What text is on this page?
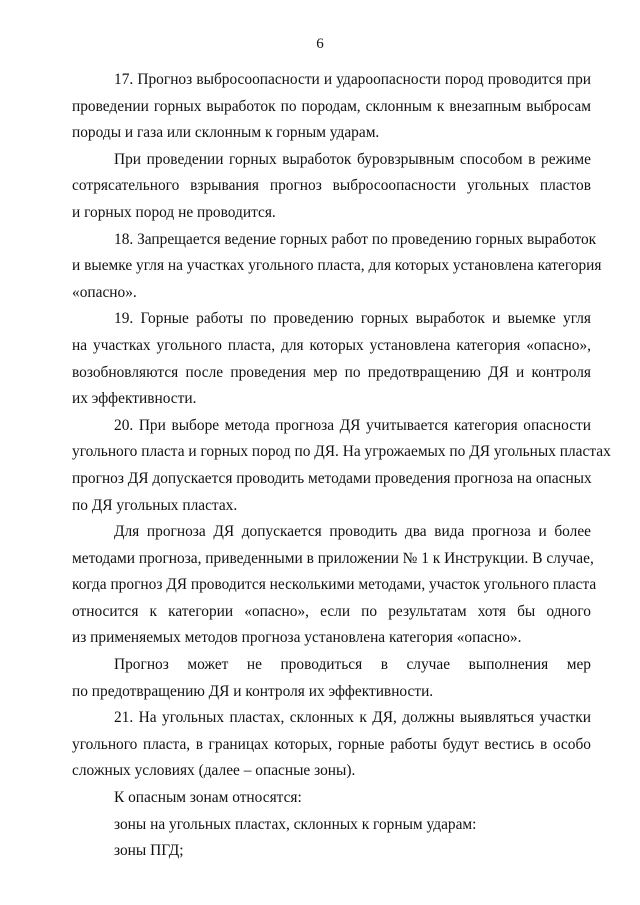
6

17. Прогноз выбросоопасности и удароопасности пород проводится при
проведении горных выработок по породам, склонным к внезапным выбросам
породы и газа или склонным к горным ударам.

При проведении горных выработок буровзрывным способом в режиме
сотрясательного взрывания прогноз выбросоопасности угольных пластов
и горных пород не проводится.

18. Запрещается ведение горных работ по проведению горных выработок
и выемке угля на участках угольного пласта, для которых установлена категория
«опасно».

19. Горные работы по проведению горных выработок и выемке угля
на участках угольного пласта, для которых установлена категория «опасно»,
возобновляются после проведения мер по предотвращению ДЯ и контроля
их эффективности.

20. При выборе метода прогноза ДЯ учитывается категория опасности
угольного пласта и горных пород по ДЯ. На угрожаемых по ДЯ угольных пластах
прогноз ДЯ допускается проводить методами проведения прогноза на опасных
по ДЯ угольных пластах.

Для прогноза ДЯ допускается проводить два вида прогноза и более
методами прогноза, приведенными в приложении № 1 к Инструкции. В случае,
когда прогноз ДЯ проводится несколькими методами, участок угольного пласта
относится к категории «опасно», если по результатам хотя бы одного
из применяемых методов прогноза установлена категория «опасно».

Прогноз может не проводиться в случае выполнения мер
по предотвращению ДЯ и контроля их эффективности.

21. На угольных пластах, склонных к ДЯ, должны выявляться участки
угольного пласта, в границах которых, горные работы будут вестись в особо
сложных условиях (далее – опасные зоны).

К опасным зонам относятся:

зоны на угольных пластах, склонных к горным ударам:

зоны ПГД;
